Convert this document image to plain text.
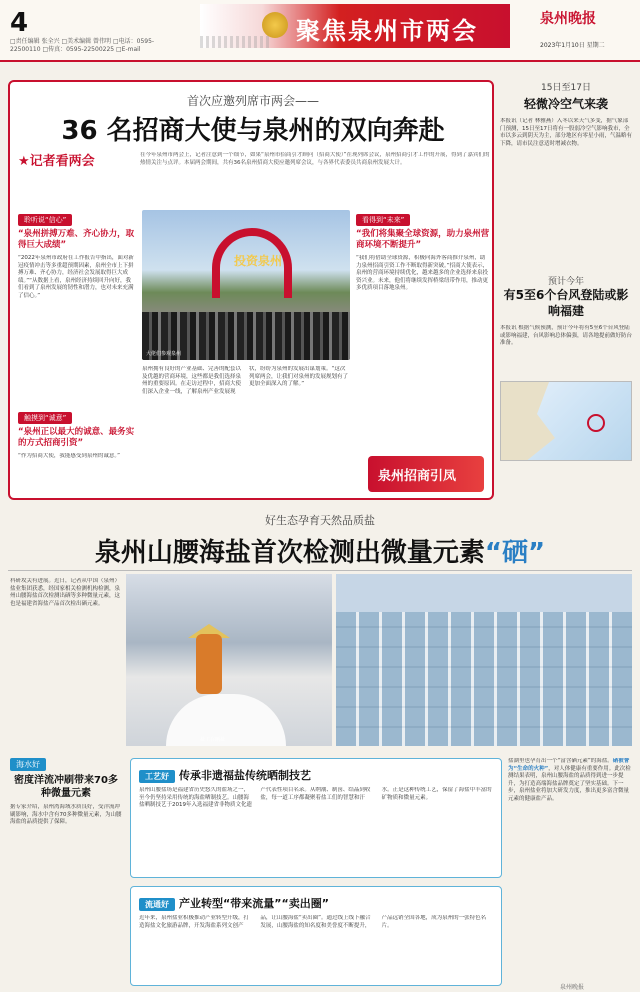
4
□责任编辑 张全兴 □美术编辑 曾伟明 □电话：0595-22500110 □传真：0595-22500225 □E-mail
聚焦泉州市两会	泉州晚报
2023年1月10日 星期二
首次应邀列席市两会——
36 名招商大使与泉州的双向奔赴
★记者看两会	在今年泉州市两会上，记者注意到一个细节，如果“泉州市招商引才顾问（招商大使）”在现列席会议，泉州招商引才工作的开展，得到了嘉宾们的热情关注与点评。本届两会期间，共有36名泉州招商大使应邀列席会议，与各界代表委员共商泉州发展大计。
聆听说“信心”
“泉州拼搏万难、齐心协力，取得巨大成绩”
“2022年泉州市政府在工作报告中指出，面对新冠疫情冲击等多重超预期因素，泉州全市上下拼搏万难、齐心协力，经济社会发展取得巨大成绩。”“从数据上看，泉州经济持续回升向好，我们看到了泉州发展的韧性和潜力，也对未来充满了信心。”
触摸到“诚意”
“泉州正以最大的诚意、最务实的方式招商引资”
“作为招商大使，我能感受到泉州的诚意。”
投资泉州
大佬们参观泉州
泉州拥有良好的产业基础、完善的配套以及优越的营商环境，这些都是我们选择泉州的重要原因。在走访过程中，招商大使们深入企业一线，了解泉州产业发展现状，纷纷为泉州的发展出谋划策。“这次列席两会，让我们对泉州的发展规划有了更加全面深入的了解。”
看得到“未来”
“我们将集聚全球资源，助力泉州营商环境不断提升”
“我们将借助全球资源，积极向海外客商推介泉州，助力泉州招商引资工作不断取得新突破。”招商大使表示，泉州的营商环境持续优化，越来越多的企业选择来泉投资兴业。未来，他们将继续发挥桥梁纽带作用，推动更多优质项目落地泉州。
泉州招商引凤
15日至17日
轻微冷空气来袭
本报讯（记者 林雅燕）入冬以来天气多变，据气象部门预测，15日至17日将有一股弱冷空气影响我市，全市以多云到阴天为主，部分地区有零星小雨，气温略有下降，请市民注意适时增减衣物。
预计今年
有5至6个台风登陆或影响福建
本报讯 根据气候预测，预计今年将有5至6个台风登陆或影响福建，台风影响总体偏强，请各地提前做好防台准备。
好生态孕育天然品质盐
泉州山腰海盐首次检测出微量元素“硒”
科研攻关有进展。近日，记者从中国（泉州）盐业集团获悉，经国家相关检测机构检测，泉州山腰海盐首次检测出硒等多种微量元素，这也是福建省海盐产品首次检出硒元素。
盐工在晒盐
海水好
密度洋流冲刷带来70多种微量元素
据专家介绍，泉州湾海域水质良好，受洋流冲刷影响，海水中含有70多种微量元素，为山腰海盐的品质提供了保障。
工艺好 传承非遗福盐传统晒制技艺
泉州山腰盐场是福建省历史悠久的盐场之一，至今仍坚持采用传统的海盐晒制技艺。山腰海盐晒制技艺于2019年入选福建省非物质文化遗产代表性项目名录。从纳潮、制卤、结晶到收盐，每一道工序都凝聚着盐工们的智慧和汗水。正是这种传统工艺，保留了海盐中丰富的矿物质和微量元素。
流通好 产业转型“带来流量”“卖出圈”
近年来，泉州盐业积极推动产业转型升级，打造海盐文化旅游品牌，开发海盐系列文创产品，让山腰海盐“卖出圈”。通过线上线下融合发展，山腰海盐的知名度和美誉度不断提升，产品远销全国各地，成为泉州的一张特色名片。
盐湖里也孕育出一个“富含硒元素”的海盐。硒被誉为“生命的火种”，对人体健康有重要作用。此次检测结果表明，泉州山腰海盐的品质得到进一步提升，为打造高端海盐品牌奠定了坚实基础。下一步，泉州盐业将加大研发力度，推出更多富含微量元素的健康盐产品。
泉州晚报
